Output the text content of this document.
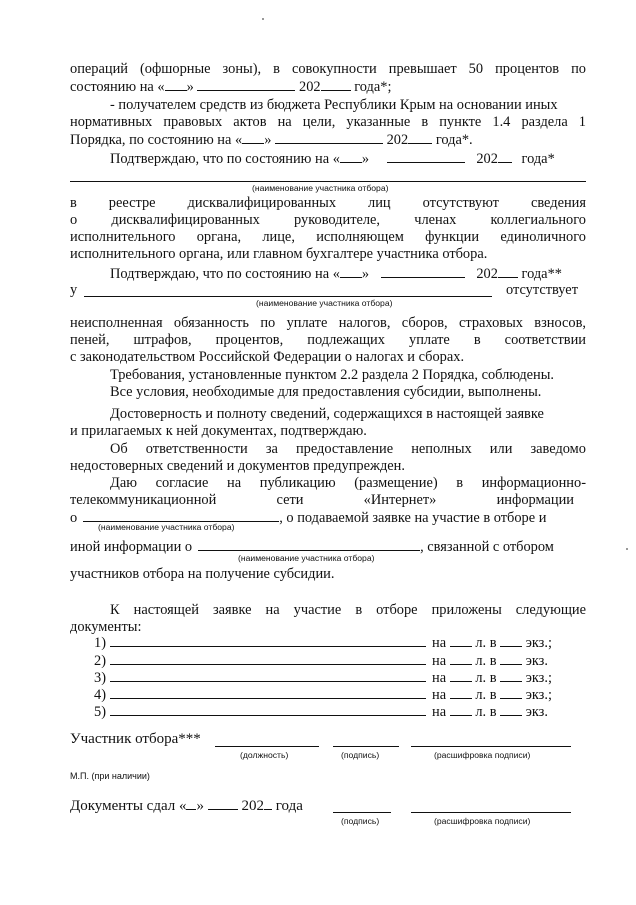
операций (офшорные зоны), в совокупности превышает 50 процентов по
состоянию на « »	202 года*;
- получателем средств из бюджета Республики Крым на основании иных
нормативных правовых актов на цели, указанные в пункте 1.4 раздела 1
Порядка, по состоянию на « »	202 года*.
Подтверждаю, что по состоянию на « »	202 года*
(наименование участника отбора)
в реестре дисквалифицированных лиц отсутствуют сведения
о дисквалифицированных руководителе, членах коллегиального
исполнительного органа, лице, исполняющем функции единоличного
исполнительного органа, или главном бухгалтере участника отбора.
Подтверждаю, что по состоянию на « »	202 года**
у	отсутствует
(наименование участника отбора)
неисполненная обязанность по уплате налогов, сборов, страховых взносов,
пеней, штрафов, процентов, подлежащих уплате в соответствии
с законодательством Российской Федерации о налогах и сборах.
Требования, установленные пунктом 2.2 раздела 2 Порядка, соблюдены.
Все условия, необходимые для предоставления субсидии, выполнены.
Достоверность и полноту сведений, содержащихся в настоящей заявке
и прилагаемых к ней документах, подтверждаю.
Об ответственности за предоставление неполных или заведомо
недостоверных сведений и документов предупрежден.
Даю согласие на публикацию (размещение) в информационно-
телекоммуникационной сети «Интернет» информации
о	, о подаваемой заявке на участие в отборе и
(наименование участника отбора)
иной информации о	, связанной с отбором
(наименование участника отбора)
участников отбора на получение субсидии.
К настоящей заявке на участие в отборе приложены следующие
документы:
1)	на л. в экз.;
2)	на л. в экз.
3)	на л. в экз.;
4)	на л. в экз.;
5)	на л. в экз.
Участник отбора***
(должность)	(подпись)	(расшифровка подписи)
М.П. (при наличии)
Документы сдал « »	202 года
(подпись)	(расшифровка подписи)
